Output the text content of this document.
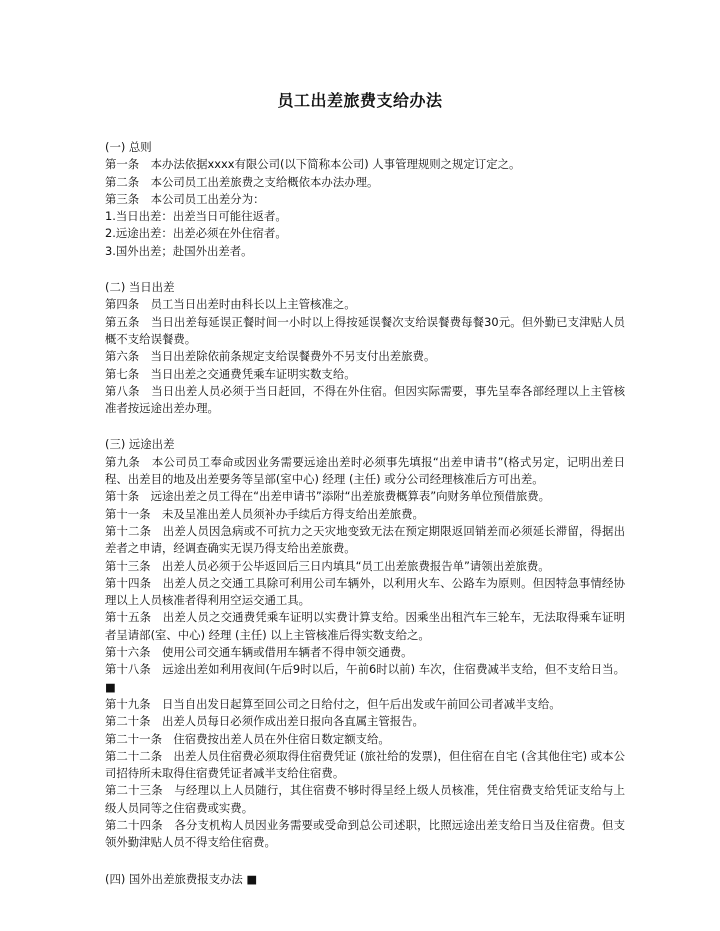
员工出差旅费支给办法
(一) 总则
第一条　本办法依据xxxx有限公司(以下简称本公司) 人事管理规则之规定订定之。
第二条　本公司员工出差旅费之支给概依本办法办理。
第三条　本公司员工出差分为：
1.当日出差：出差当日可能往返者。
2.远途出差：出差必须在外住宿者。
3.国外出差；赴国外出差者。
(二) 当日出差
第四条　员工当日出差时由科长以上主管核准之。
第五条　当日出差每延误正餐时间一小时以上得按延误餐次支给误餐费每餐30元。但外勤已支津贴人员概不支给误餐费。
第六条　当日出差除依前条规定支给误餐费外不另支付出差旅费。
第七条　当日出差之交通费凭乘车证明实数支给。
第八条　当日出差人员必须于当日赶回，不得在外住宿。但因实际需要，事先呈奉各部经理以上主管核准者按远途出差办理。
(三) 远途出差
第九条　本公司员工奉命或因业务需要远途出差时必须事先填报“出差申请书”(格式另定，记明出差日程、出差目的地及出差要务等呈部(室中心) 经理 (主任) 或分公司经理核准后方可出差。
第十条　远途出差之员工得在“出差申请书”添附“出差旅费概算表”向财务单位预借旅费。
第十一条　未及呈准出差人员须补办手续后方得支给出差旅费。
第十二条　出差人员因急病或不可抗力之天灾地变致无法在预定期限返回销差而必须延长滞留，得据出差者之申请，经调查确实无误乃得支给出差旅费。
第十三条　出差人员必须于公毕返回后三日内填具“员工出差旅费报告单”请领出差旅费。
第十四条　出差人员之交通工具除可利用公司车辆外，以利用火车、公路车为原则。但因特急事情经协理以上人员核准者得利用空运交通工具。
第十五条　出差人员之交通费凭乘车证明以实费计算支给。因乘坐出租汽车三轮车，无法取得乘车证明者呈请部(室、中心) 经理 (主任) 以上主管核准后得实数支给之。
第十六条　使用公司交通车辆或借用车辆者不得申领交通费。
第十八条　远途出差如利用夜间(午后9时以后，午前6时以前) 车次，住宿费减半支给，但不支给日当。 ■
第十九条　日当自出发日起算至回公司之日给付之，但午后出发或午前回公司者减半支给。
第二十条　出差人员每日必须作成出差日报向各直属主管报告。
第二十一条　住宿费按出差人员在外住宿日数定额支给。
第二十二条　出差人员住宿费必须取得住宿费凭证 (旅社给的发票)，但住宿在自宅 (含其他住宅) 或本公司招待所未取得住宿费凭证者减半支给住宿费。
第二十三条　与经理以上人员随行，其住宿费不够时得呈经上级人员核准，凭住宿费支给凭证支给与上级人员同等之住宿费或实费。
第二十四条　各分支机构人员因业务需要或受命到总公司述职，比照远途出差支给日当及住宿费。但支领外勤津贴人员不得支给住宿费。
(四) 国外出差旅费报支办法 ■
